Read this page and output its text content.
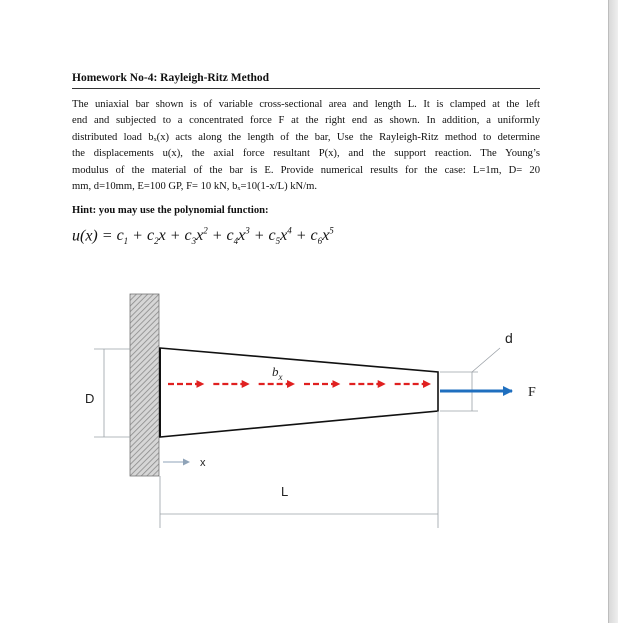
Homework No-4: Rayleigh-Ritz Method
The uniaxial bar shown is of variable cross-sectional area and length L. It is clamped at the left
end and subjected to a concentrated force F at the right end as shown. In addition, a uniformly
distributed load bₓ(x) acts along the length of the bar, Use the Rayleigh-Ritz method to determine
the displacements u(x), the axial force resultant P(x), and the support reaction. The Young’s
modulus of the material of the bar is E. Provide numerical results for the case: L=1m, D= 20
mm, d=10mm, E=100 GP, F= 10 kN, bₓ=10(1-x/L) kN/m.
Hint: you may use the polynomial function:
$u(x) = c_1 + c_2x + c_3x^2 + c_4x^3 + c_5x^4 + c_6x^5$
D
d
$b_x$
F
x
L
